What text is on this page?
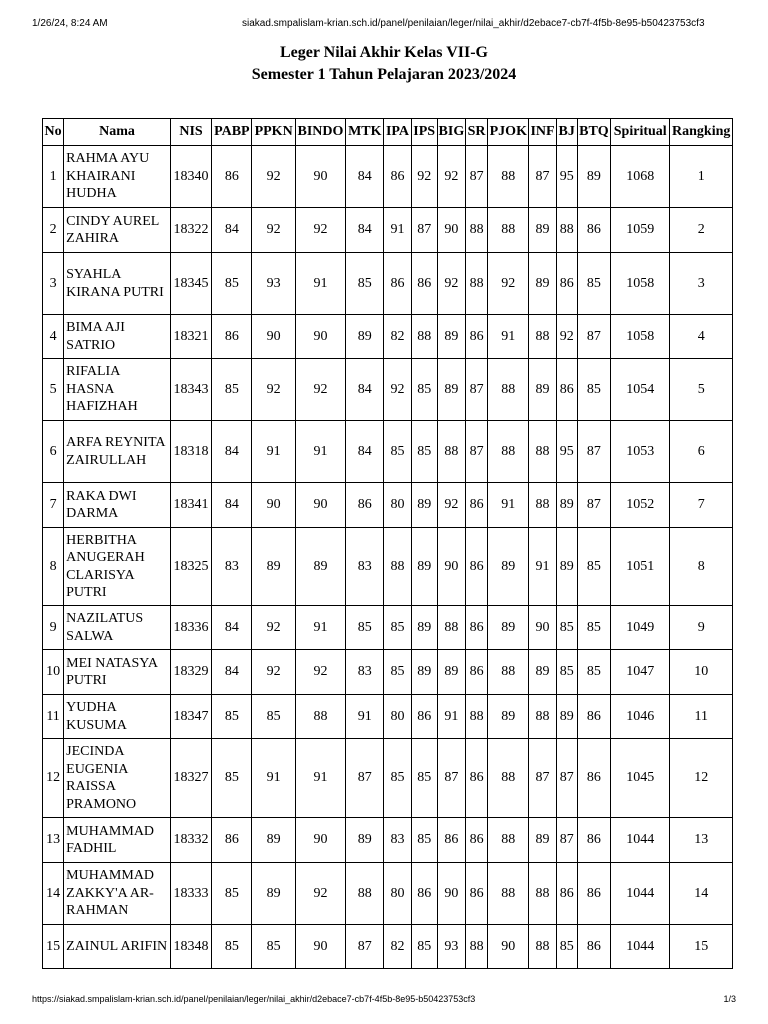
1/26/24, 8:24 AM	siakad.smpalislam-krian.sch.id/panel/penilaian/leger/nilai_akhir/d2ebace7-cb7f-4f5b-8e95-b50423753cf3
Leger Nilai Akhir Kelas VII-G
Semester 1 Tahun Pelajaran 2023/2024
No	Nama	NIS	PABP	PPKN	BINDO	MTK	IPA	IPS	BIG	SR	PJOK	INF	BJ	BTQ	Spiritual	Rangking
1	RAHMA AYU KHAIRANI HUDHA	18340	86	92	90	84	86	92	92	87	88	87	95	89	1068	1
2	CINDY AUREL ZAHIRA	18322	84	92	92	84	91	87	90	88	88	89	88	86	1059	2
3	SYAHLA KIRANA PUTRI	18345	85	93	91	85	86	86	92	88	92	89	86	85	1058	3
4	BIMA AJI SATRIO	18321	86	90	90	89	82	88	89	86	91	88	92	87	1058	4
5	RIFALIA HASNA HAFIZHAH	18343	85	92	92	84	92	85	89	87	88	89	86	85	1054	5
6	ARFA REYNITA ZAIRULLAH	18318	84	91	91	84	85	85	88	87	88	88	95	87	1053	6
7	RAKA DWI DARMA	18341	84	90	90	86	80	89	92	86	91	88	89	87	1052	7
8	HERBITHA ANUGERAH CLARISYA PUTRI	18325	83	89	89	83	88	89	90	86	89	91	89	85	1051	8
9	NAZILATUS SALWA	18336	84	92	91	85	85	89	88	86	89	90	85	85	1049	9
10	MEI NATASYA PUTRI	18329	84	92	92	83	85	89	89	86	88	89	85	85	1047	10
11	YUDHA KUSUMA	18347	85	85	88	91	80	86	91	88	89	88	89	86	1046	11
12	JECINDA EUGENIA RAISSA PRAMONO	18327	85	91	91	87	85	85	87	86	88	87	87	86	1045	12
13	MUHAMMAD FADHIL	18332	86	89	90	89	83	85	86	86	88	89	87	86	1044	13
14	MUHAMMAD ZAKKY'A AR-RAHMAN	18333	85	89	92	88	80	86	90	86	88	88	86	86	1044	14
15	ZAINUL ARIFIN	18348	85	85	90	87	82	85	93	88	90	88	85	86	1044	15
https://siakad.smpalislam-krian.sch.id/panel/penilaian/leger/nilai_akhir/d2ebace7-cb7f-4f5b-8e95-b50423753cf3	1/3
